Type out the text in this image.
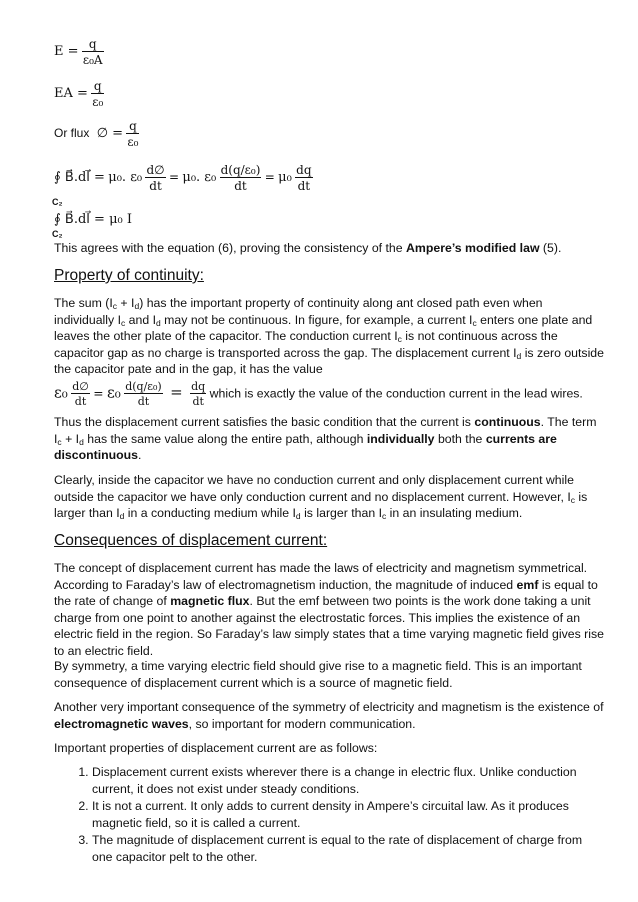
$E = \frac{q}{\text{ε₀A}}$
EA = $\frac{q}{\text{ε₀}}$
Or flux ∅ = $\frac{q}{\text{ε₀}}$
∮ B⃗.dl⃗ = μ₀. $\varepsilon_0 \frac{d\emptyset}{dt} = \mu_0$. $\varepsilon_0 \frac{\text{d(q/ε₀)}}{dt} = \mu_0 \frac{dq}{dt}$
C₂
∮ B⃗.dl⃗ = μ₀ I
C₂
This agrees with the equation (6), proving the consistency of the Ampere’s modified law (5).
Property of continuity:
The sum $(I_c + I_d)$ has the important property of continuity along ant closed path even when individually $I_c$ and $I_d$ may not be continuous. In figure, for example, a current $I_c$ enters one plate and leaves the other plate of the capacitor. The conduction current $I_c$ is not continuous across the capacitor gap as no charge is transported across the gap. The displacement current $I_d$ is zero outside the capacitor pate and in the gap, it has the value
$\varepsilon_0 \frac{d\emptyset}{dt} = \varepsilon_0 \frac{\text{d(q/ε₀)}}{dt} = \frac{dq}{dt}$ which is exactly the value of the conduction current in the lead wires.
Thus the displacement current satisfies the basic condition that the current is continuous. The term $I_c + I_d$ has the same value along the entire path, although individually both the currents are discontinuous.
Clearly, inside the capacitor we have no conduction current and only displacement current while outside the capacitor we have only conduction current and no displacement current. However, $I_c$ is larger than $I_d$ in a conducting medium while $I_d$ is larger than $I_c$ in an insulating medium.
Consequences of displacement current:
The concept of displacement current has made the laws of electricity and magnetism symmetrical. According to Faraday’s law of electromagnetism induction, the magnitude of induced emf is equal to the rate of change of magnetic flux. But the emf between two points is the work done taking a unit charge from one point to another against the electrostatic forces. This implies the existence of an electric field in the region. So Faraday’s law simply states that a time varying magnetic field gives rise to an electric field.
By symmetry, a time varying electric field should give rise to a magnetic field. This is an important consequence of displacement current which is a source of magnetic field.
Another very important consequence of the symmetry of electricity and magnetism is the existence of electromagnetic waves, so important for modern communication.
Important properties of displacement current are as follows:
1. Displacement current exists wherever there is a change in electric flux. Unlike conduction current, it does not exist under steady conditions.
2. It is not a current. It only adds to current density in Ampere’s circuital law. As it produces magnetic field, so it is called a current.
3. The magnitude of displacement current is equal to the rate of displacement of charge from one capacitor pelt to the other.
